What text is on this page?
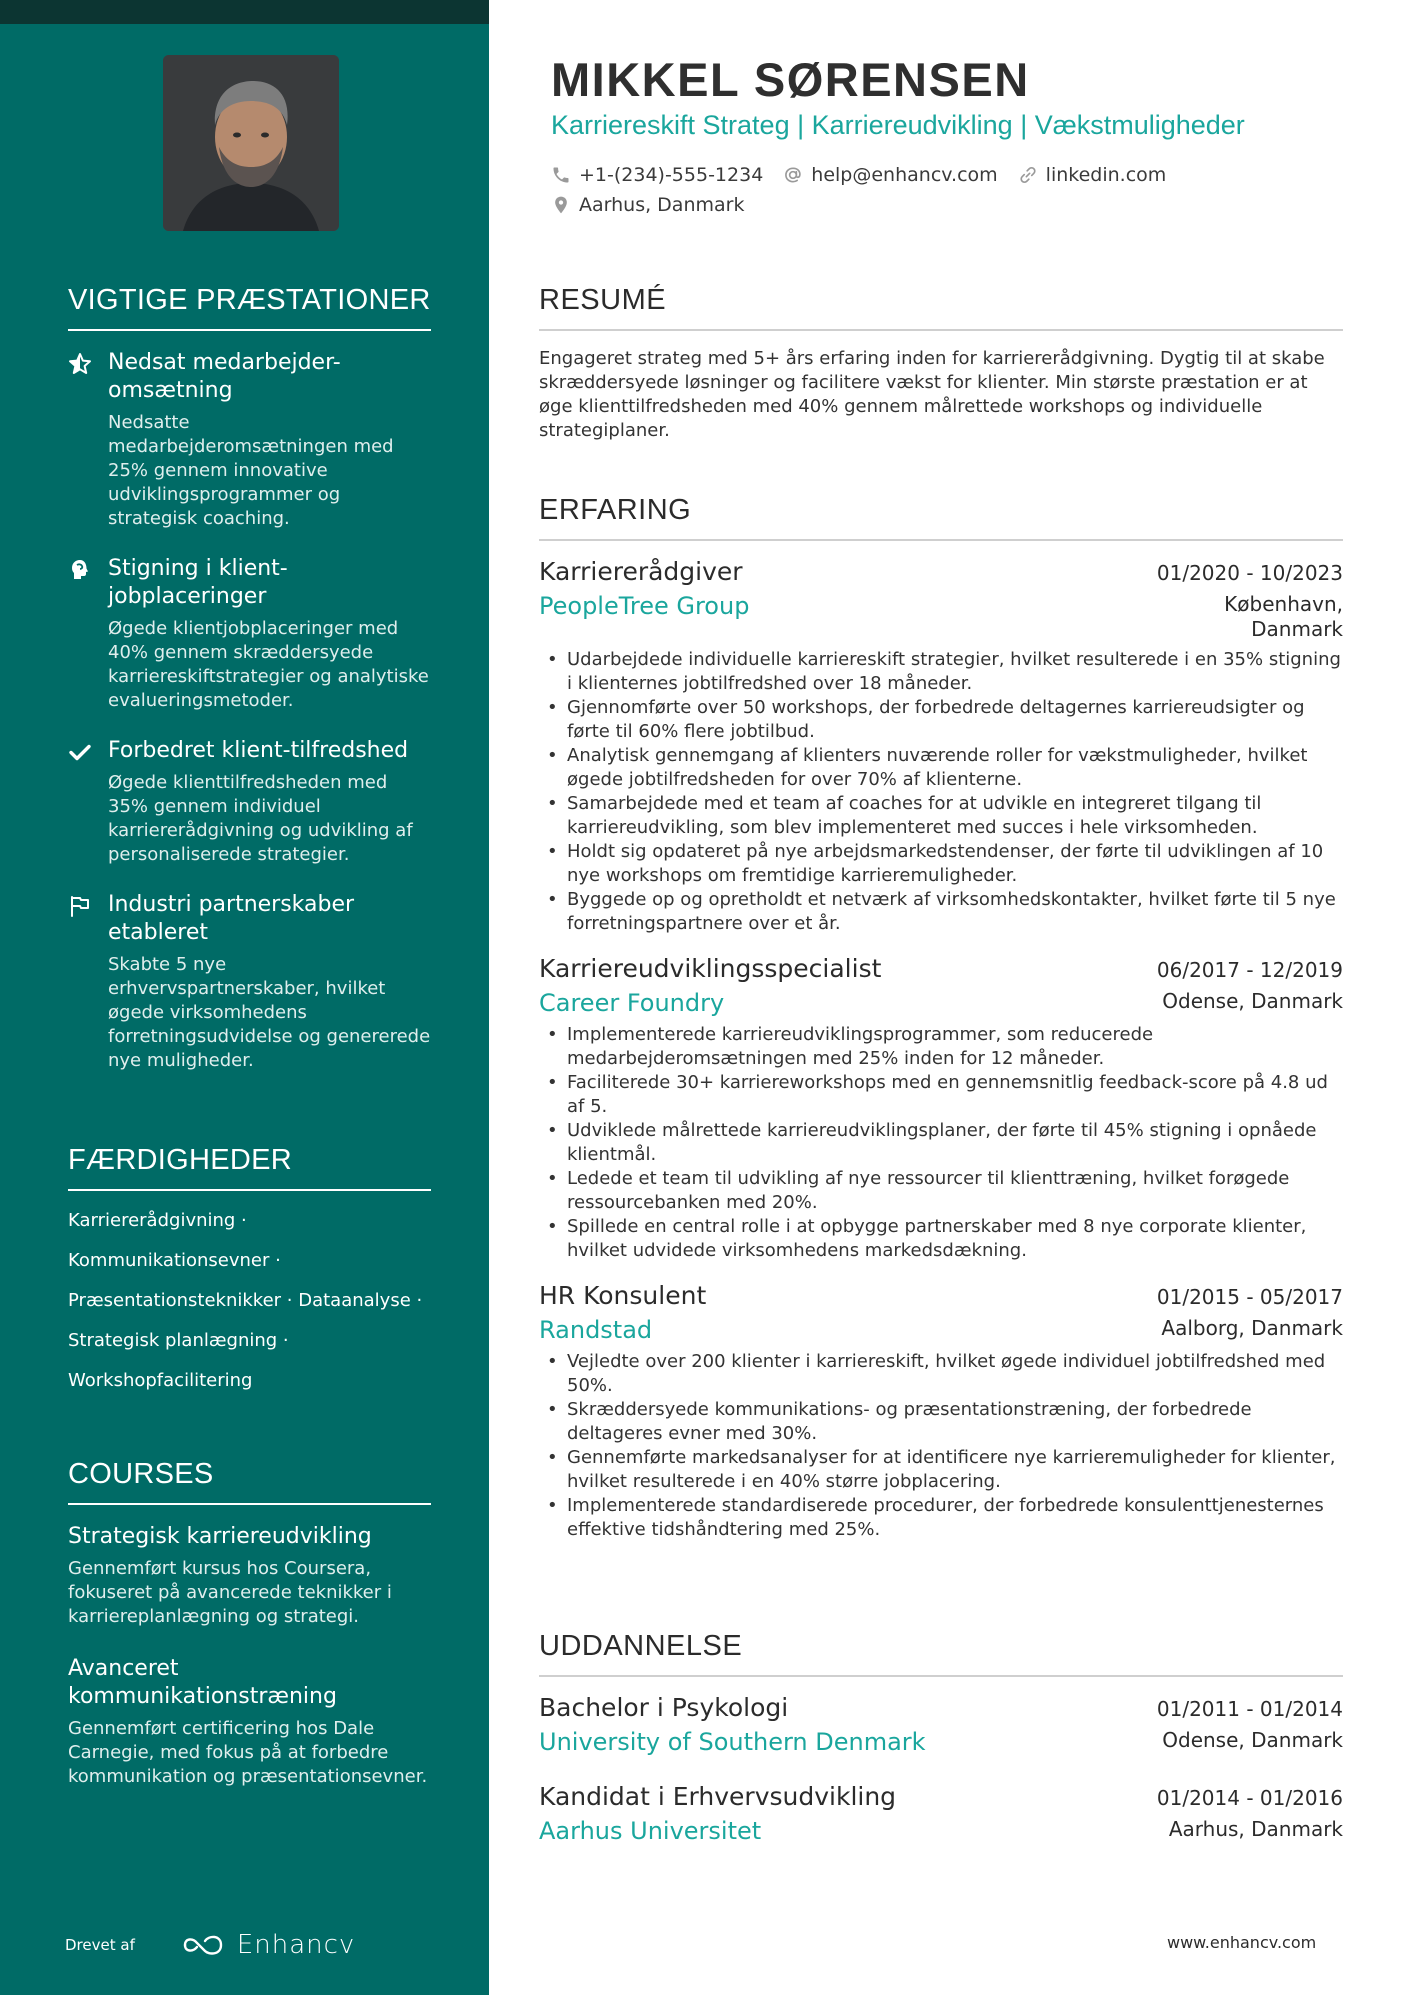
VIGTIGE PRÆSTATIONER
Nedsat medarbejder-omsætning
Nedsatte medarbejderomsætningen med 25% gennem innovative udviklingsprogrammer og strategisk coaching.
Stigning i klient-jobplaceringer
Øgede klientjobplaceringer med 40% gennem skræddersyede karriereskiftstrategier og analytiske evalueringsmetoder.
Forbedret klient-tilfredshed
Øgede klienttilfredsheden med 35% gennem individuel karriererådgivning og udvikling af personaliserede strategier.
Industri partnerskaber etableret
Skabte 5 nye erhvervspartnerskaber, hvilket øgede virksomhedens forretningsudvidelse og genererede nye muligheder.
FÆRDIGHEDER
Karriererådgivning ·
Kommunikationsevner ·
Præsentationsteknikker · Dataanalyse ·
Strategisk planlægning ·
Workshopfacilitering
COURSES
Strategisk karriereudvikling
Gennemført kursus hos Coursera, fokuseret på avancerede teknikker i karriereplanlægning og strategi.
Avanceret kommunikationstræning
Gennemført certificering hos Dale Carnegie, med fokus på at forbedre kommunikation og præsentationsevner.
Drevet af	Enhancv
MIKKEL SØRENSEN
Karriereskift Strateg | Karriereudvikling | Vækstmuligheder
+1-(234)-555-1234	help@enhancv.com	linkedin.com
Aarhus, Danmark
RESUMÉ

Engageret strateg med 5+ års erfaring inden for karriererådgivning. Dygtig til at skabe skræddersyede løsninger og facilitere vækst for klienter. Min største præstation er at øge klienttilfredsheden med 40% gennem målrettede workshops og individuelle strategiplaner.

ERFARING
Karriererådgiver	01/2020 - 10/2023
PeopleTree Group	København,
Danmark
• Udarbejdede individuelle karriereskift strategier, hvilket resulterede i en 35% stigning i klienternes jobtilfredshed over 18 måneder.
• Gjennomførte over 50 workshops, der forbedrede deltagernes karriereudsigter og førte til 60% flere jobtilbud.
• Analytisk gennemgang af klienters nuværende roller for vækstmuligheder, hvilket øgede jobtilfredsheden for over 70% af klienterne.
• Samarbejdede med et team af coaches for at udvikle en integreret tilgang til karriereudvikling, som blev implementeret med succes i hele virksomheden.
• Holdt sig opdateret på nye arbejdsmarkedstendenser, der førte til udviklingen af 10 nye workshops om fremtidige karrieremuligheder.
• Byggede op og opretholdt et netværk af virksomhedskontakter, hvilket førte til 5 nye forretningspartnere over et år.
Karriereudviklingsspecialist	06/2017 - 12/2019
Career Foundry	Odense, Danmark
• Implementerede karriereudviklingsprogrammer, som reducerede medarbejderomsætningen med 25% inden for 12 måneder.
• Faciliterede 30+ karriereworkshops med en gennemsnitlig feedback-score på 4.8 ud af 5.
• Udviklede målrettede karriereudviklingsplaner, der førte til 45% stigning i opnåede klientmål.
• Ledede et team til udvikling af nye ressourcer til klienttræning, hvilket forøgede ressourcebanken med 20%.
• Spillede en central rolle i at opbygge partnerskaber med 8 nye corporate klienter, hvilket udvidede virksomhedens markedsdækning.
HR Konsulent	01/2015 - 05/2017
Randstad	Aalborg, Danmark
• Vejledte over 200 klienter i karriereskift, hvilket øgede individuel jobtilfredshed med 50%.
• Skræddersyede kommunikations- og præsentationstræning, der forbedrede deltageres evner med 30%.
• Gennemførte markedsanalyser for at identificere nye karrieremuligheder for klienter, hvilket resulterede i en 40% større jobplacering.
• Implementerede standardiserede procedurer, der forbedrede konsulenttjenesternes effektive tidshåndtering med 25%.
UDDANNELSE
Bachelor i Psykologi	01/2011 - 01/2014
University of Southern Denmark	Odense, Danmark
Kandidat i Erhvervsudvikling	01/2014 - 01/2016
Aarhus Universitet	Aarhus, Danmark
www.enhancv.com
